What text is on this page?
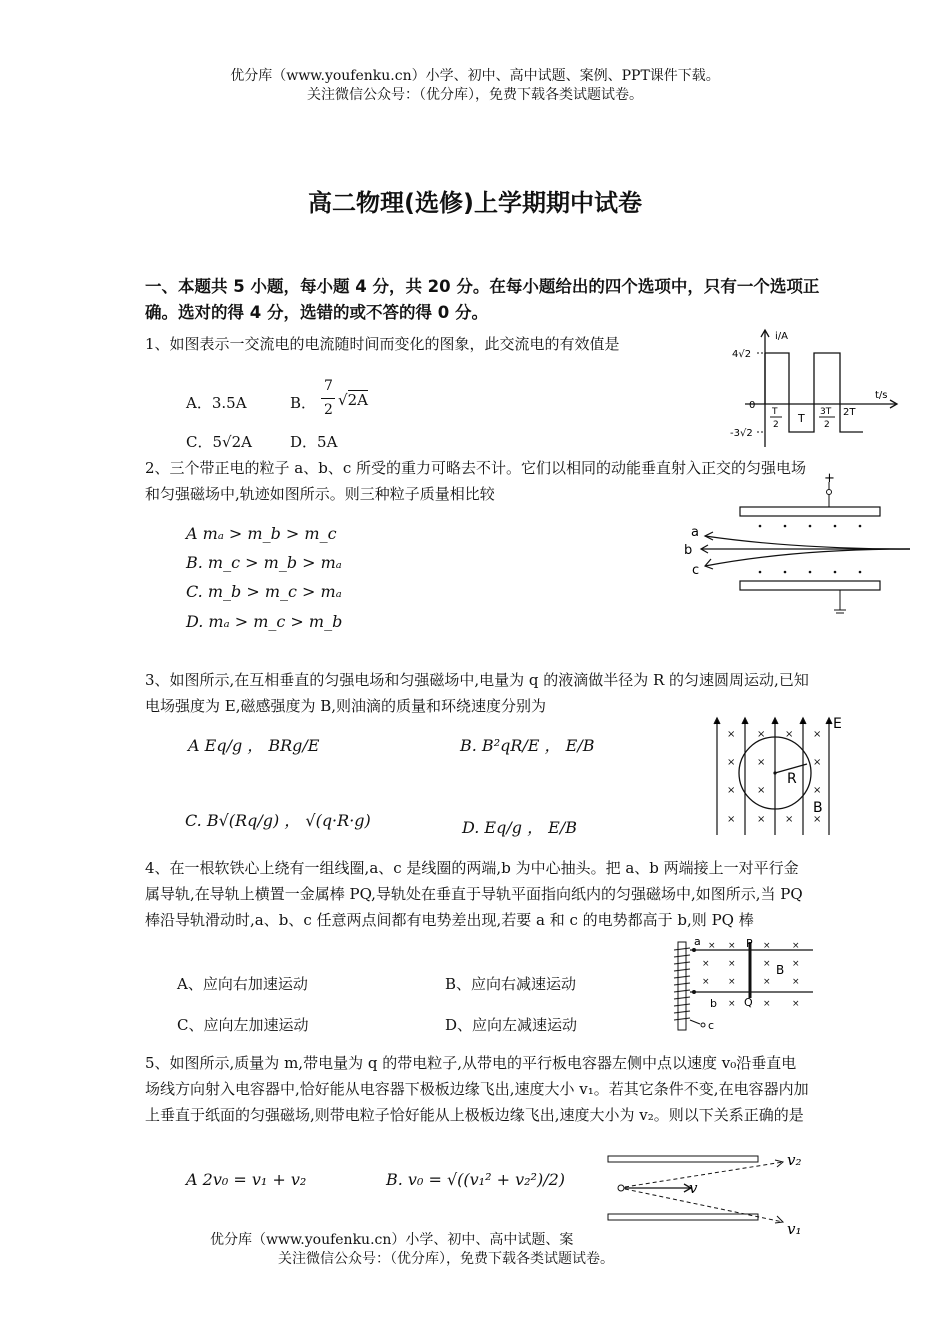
优分库（www.youfenku.cn）小学、初中、高中试题、案例、PPT课件下载。
关注微信公众号：（优分库），免费下载各类试题试卷。
高二物理(选修)上学期期中试卷
一、本题共 5 小题，每小题 4 分，共 20 分。在每小题给出的四个选项中，只有一个选项正确。选对的得 4 分，选错的或不答的得 0 分。
1、如图表示一交流电的电流随时间而变化的图象，此交流电的有效值是
A．3.5A	B．
7
2
√2A
C．5√2A	D．5A
i/A
t/s
4√2
-3√2
0
T
2 T 3T
2
2T
2、三个带正电的粒子 a、b、c 所受的重力可略去不计。它们以相同的动能垂直射入正交的匀强电场和匀强磁场中,轨迹如图所示。则三种粒子质量相比较
A mₐ > m_b > m_c
B. m_c > m_b > mₐ
C. m_b > m_c > mₐ
D. mₐ > m_c > m_b
+
a
b
c
3、如图所示,在互相垂直的匀强电场和匀强磁场中,电量为 q 的液滴做半径为 R 的匀速圆周运动,已知电场强度为 E,磁感强度为 B,则油滴的质量和环绕速度分别为
A Eq/g ， BRg/E	B. B²qR/E ， E/B
C. B√(Rq/g) ， √(q·R·g)	D. Eq/g ， E/B
E
B
R
× × × ×
× ×	×
× ×	×
× × × ×
4、在一根软铁心上绕有一组线圈,a、c 是线圈的两端,b 为中心抽头。把 a、b 两端接上一对平行金属导轨,在导轨上横置一金属棒 PQ,导轨处在垂直于导轨平面指向纸内的匀强磁场中,如图所示,当 PQ 棒沿导轨滑动时,a、b、c 任意两点间都有电势差出现,若要 a 和 c 的电势都高于 b,则 PQ 棒
A、应向右加速运动	B、应向右减速运动
C、应向左加速运动	D、应向左减速运动
a
b
c
P
Q
B
× ×	× ×
× ×	× ×
× ×	× ×
×	× ×
5、如图所示,质量为 m,带电量为 q 的带电粒子,从带电的平行板电容器左侧中点以速度 v₀沿垂直电场线方向射入电容器中,恰好能从电容器下极板边缘飞出,速度大小 v₁。若其它条件不变,在电容器内加上垂直于纸面的匀强磁场,则带电粒子恰好能从上极板边缘飞出,速度大小为 v₂。则以下关系正确的是
A 2v₀ = v₁ + v₂	B. v₀ = √((v₁² + v₂²)/2)	v
v₂
v₁
优分库（www.youfenku.cn）小学、初中、高中试题、案
关注微信公众号：（优分库），免费下载各类试题试卷。
